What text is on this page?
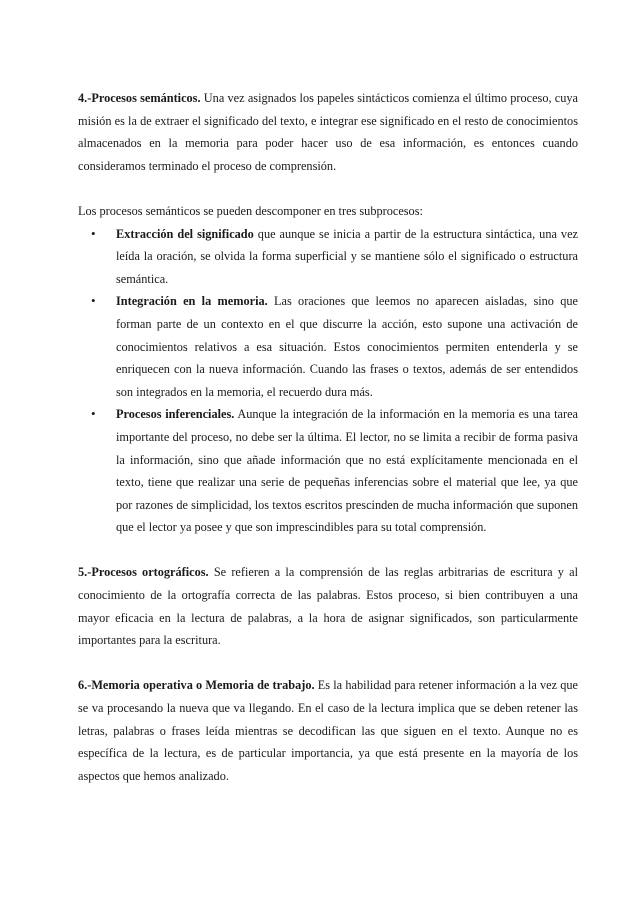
4.-Procesos semánticos. Una vez asignados los papeles sintácticos comienza el último proceso, cuya misión es la de extraer el significado del texto, e integrar ese significado en el resto de conocimientos almacenados en la memoria para poder hacer uso de esa información, es entonces cuando consideramos terminado el proceso de comprensión.

Los procesos semánticos se pueden descomponer en tres subprocesos:

• Extracción del significado que aunque se inicia a partir de la estructura sintáctica, una vez leída la oración, se olvida la forma superficial y se mantiene sólo el significado o estructura semántica.
• Integración en la memoria. Las oraciones que leemos no aparecen aisladas, sino que forman parte de un contexto en el que discurre la acción, esto supone una activación de conocimientos relativos a esa situación. Estos conocimientos permiten entenderla y se enriquecen con la nueva información. Cuando las frases o textos, además de ser entendidos son integrados en la memoria, el recuerdo dura más.
• Procesos inferenciales. Aunque la integración de la información en la memoria es una tarea importante del proceso, no debe ser la última. El lector, no se limita a recibir de forma pasiva la información, sino que añade información que no está explícitamente mencionada en el texto, tiene que realizar una serie de pequeñas inferencias sobre el material que lee, ya que por razones de simplicidad, los textos escritos prescinden de mucha información que suponen que el lector ya posee y que son imprescindibles para su total comprensión.

5.-Procesos ortográficos. Se refieren a la comprensión de las reglas arbitrarias de escritura y al conocimiento de la ortografía correcta de las palabras. Estos proceso, si bien contribuyen a una mayor eficacia en la lectura de palabras, a la hora de asignar significados, son particularmente importantes para la escritura.

6.-Memoria operativa o Memoria de trabajo. Es la habilidad para retener información a la vez que se va procesando la nueva que va llegando. En el caso de la lectura implica que se deben retener las letras, palabras o frases leída mientras se decodifican las que siguen en el texto. Aunque no es específica de la lectura, es de particular importancia, ya que está presente en la mayoría de los aspectos que hemos analizado.
